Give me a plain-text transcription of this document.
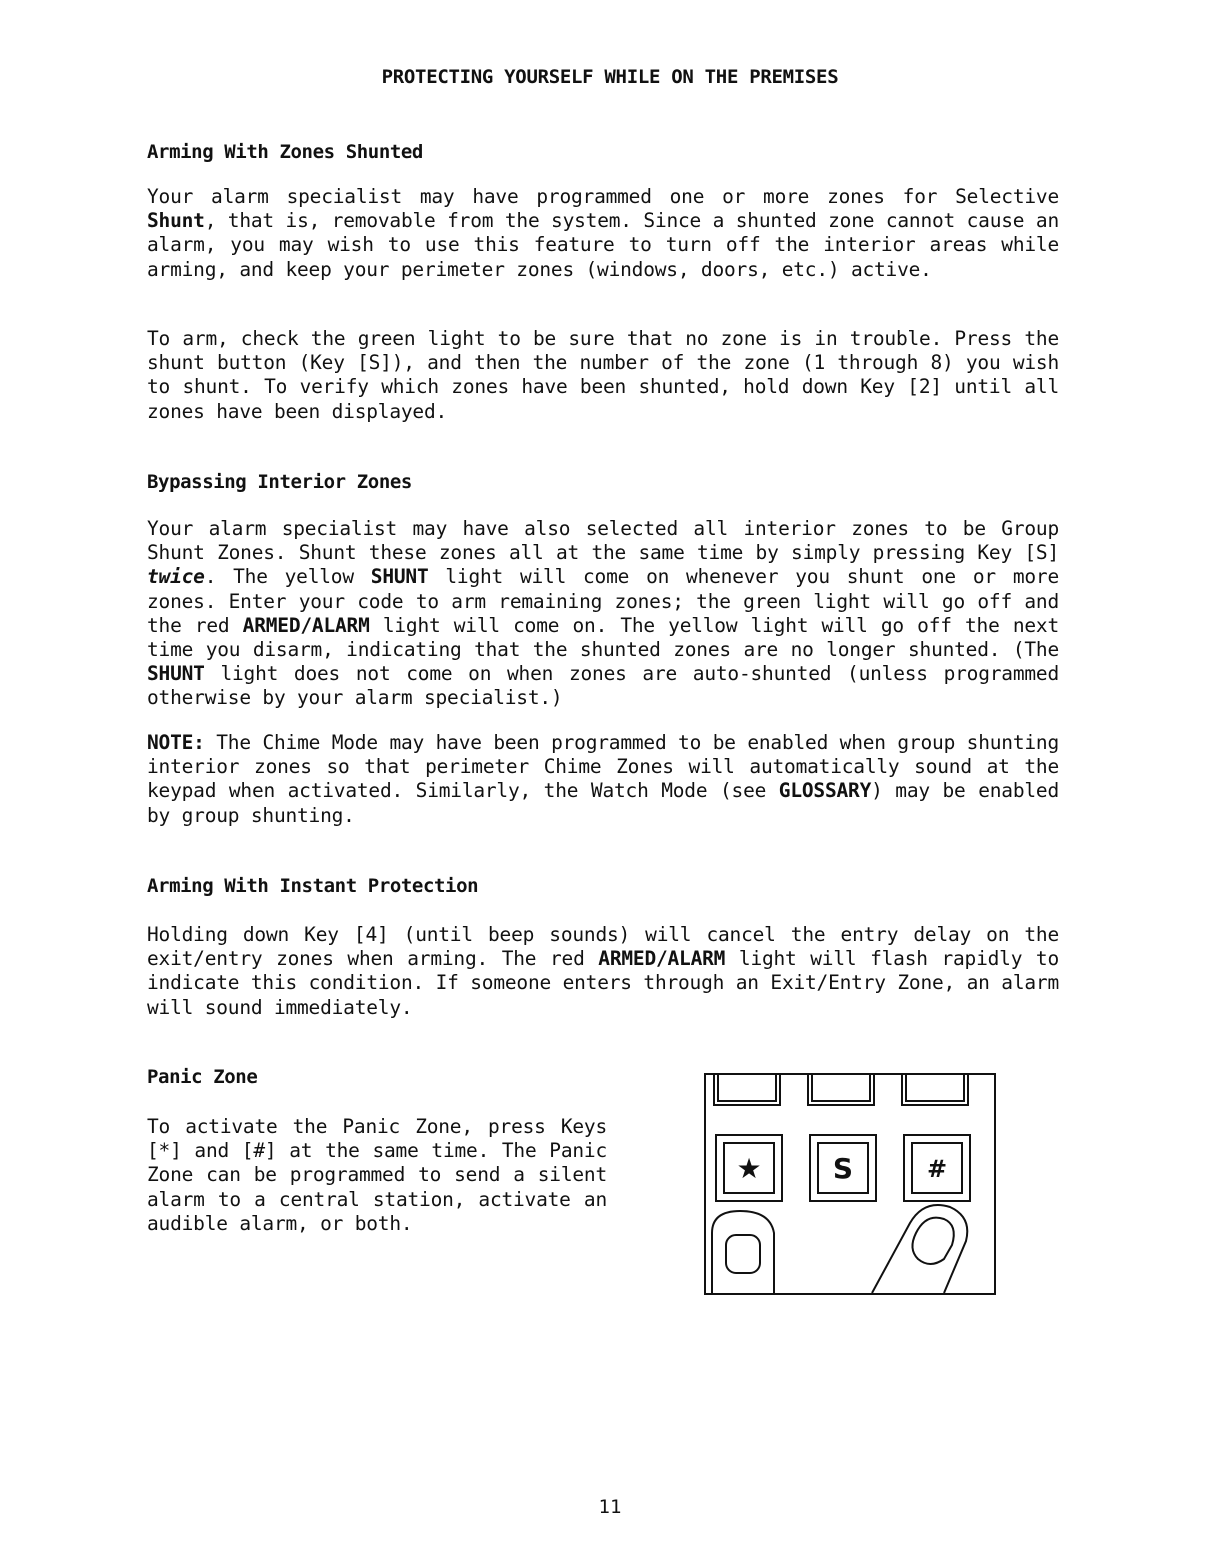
PROTECTING YOURSELF WHILE ON THE PREMISES
Arming With Zones Shunted

Your alarm specialist may have programmed one or more zones for Selective Shunt, that is, removable from the system. Since a shunted zone cannot cause an alarm, you may wish to use this feature to turn off the interior areas while arming, and keep your perimeter zones (windows, doors, etc.) active.

To arm, check the green light to be sure that no zone is in trouble. Press the shunt button (Key [S]), and then the number of the zone (1 through 8) you wish to shunt. To verify which zones have been shunted, hold down Key [2] until all zones have been displayed.

Bypassing Interior Zones

Your alarm specialist may have also selected all interior zones to be Group Shunt Zones. Shunt these zones all at the same time by simply pressing Key [S] twice. The yellow SHUNT light will come on whenever you shunt one or more zones. Enter your code to arm remaining zones; the green light will go off and the red ARMED/ALARM light will come on. The yellow light will go off the next time you disarm, indicating that the shunted zones are no longer shunted. (The SHUNT light does not come on when zones are auto-shunted (unless programmed otherwise by your alarm specialist.)

NOTE: The Chime Mode may have been programmed to be enabled when group shunting interior zones so that perimeter Chime Zones will automatically sound at the keypad when activated. Similarly, the Watch Mode (see GLOSSARY) may be enabled by group shunting.

Arming With Instant Protection

Holding down Key [4] (until beep sounds) will cancel the entry delay on the exit/entry zones when arming. The red ARMED/ALARM light will flash rapidly to indicate this condition. If someone enters through an Exit/Entry Zone, an alarm will sound immediately.

Panic Zone

To activate the Panic Zone, press Keys [*] and [#] at the same time. The Panic Zone can be programmed to send a silent alarm to a central station, activate an audible alarm, or both.

★	S	#
11
